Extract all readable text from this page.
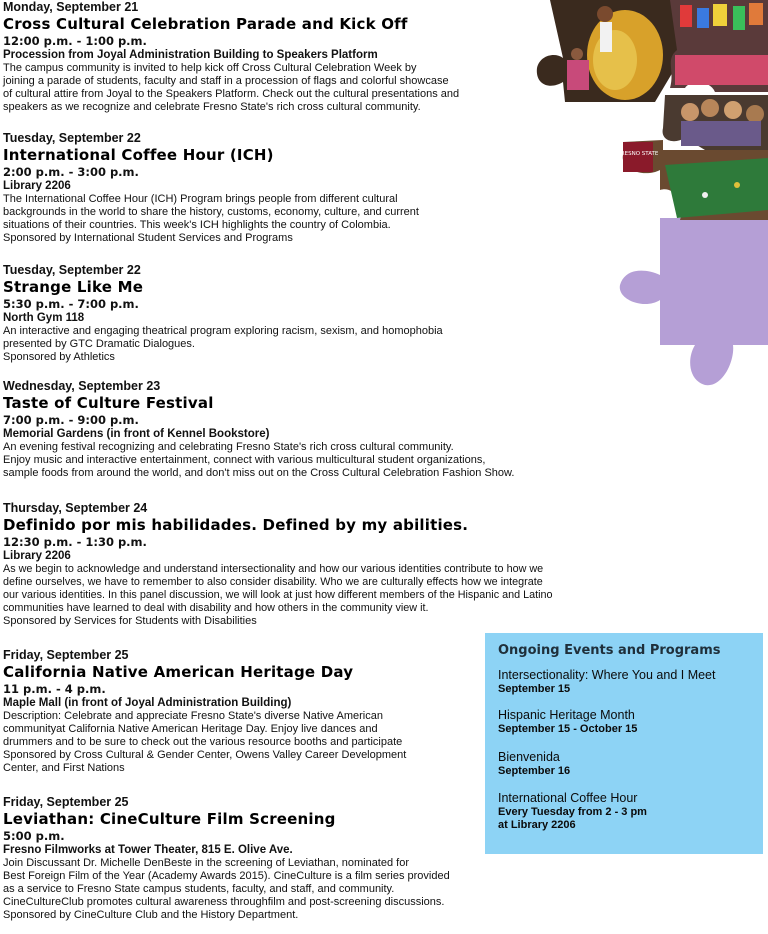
Monday, September 21
Cross Cultural Celebration Parade and Kick Off
12:00 p.m. - 1:00 p.m.
Procession from Joyal Administration Building to Speakers Platform
The campus community is invited to help kick off Cross Cultural Celebration Week by
joining a parade of students, faculty and staff in a procession of flags and colorful showcase
of cultural attire from Joyal to the Speakers Platform. Check out the cultural presentations and
speakers as we recognize and celebrate Fresno State's rich cross cultural community.
Tuesday, September 22
International Coffee Hour (ICH)
2:00 p.m. - 3:00 p.m.
Library 2206
The International Coffee Hour (ICH) Program brings people from different cultural
backgrounds in the world to share the history, customs, economy, culture, and current
situations of their countries. This week's ICH highlights the country of Colombia.
Sponsored by International Student Services and Programs
Tuesday, September 22
Strange Like Me
5:30 p.m. - 7:00 p.m.
North Gym 118
An interactive and engaging theatrical program exploring racism, sexism, and homophobia
presented by GTC Dramatic Dialogues.
Sponsored by Athletics
Wednesday, September 23
Taste of Culture Festival
7:00 p.m. - 9:00 p.m.
Memorial Gardens (in front of Kennel Bookstore)
An evening festival recognizing and celebrating Fresno State's rich cross cultural community.
Enjoy music and interactive entertainment, connect with various multicultural student organizations,
sample foods from around the world, and don't miss out on the Cross Cultural Celebration Fashion Show.
Thursday, September 24
Definido por mis habilidades. Defined by my abilities.
12:30 p.m. - 1:30 p.m.
Library 2206
As we begin to acknowledge and understand intersectionality and how our various identities contribute to how we
define ourselves, we have to remember to also consider disability. Who we are culturally effects how we integrate
our various identities. In this panel discussion, we will look at just how different members of the Hispanic and Latino
communities have learned to deal with disability and how others in the community view it.
Sponsored by Services for Students with Disabilities
Friday, September 25
California Native American Heritage Day
11 p.m. - 4 p.m.
Maple Mall (in front of Joyal Administration Building)
Description: Celebrate and appreciate Fresno State's diverse Native American
communityat California Native American Heritage Day. Enjoy live dances and
drummers and to be sure to check out the various resource booths and participate
Sponsored by Cross Cultural & Gender Center, Owens Valley Career Development
Center, and First Nations
Friday, September 25
Leviathan: CineCulture Film Screening
5:00 p.m.
Fresno Filmworks at Tower Theater, 815 E. Olive Ave.
Join Discussant Dr. Michelle DenBeste in the screening of Leviathan, nominated for
Best Foreign Film of the Year (Academy Awards 2015). CineCulture is a film series provided
as a service to Fresno State campus students, faculty, and staff, and community.
CineCultureClub promotes cultural awareness throughfilm and post-screening discussions.
Sponsored by CineCulture Club and the History Department.
Ongoing Events and Programs
Intersectionality: Where You and I Meet
September 15
Hispanic Heritage Month
September 15 - October 15
Bienvenida
September 16
International Coffee Hour
Every Tuesday from 2 - 3 pm
at Library 2206
FRESNO STATE
